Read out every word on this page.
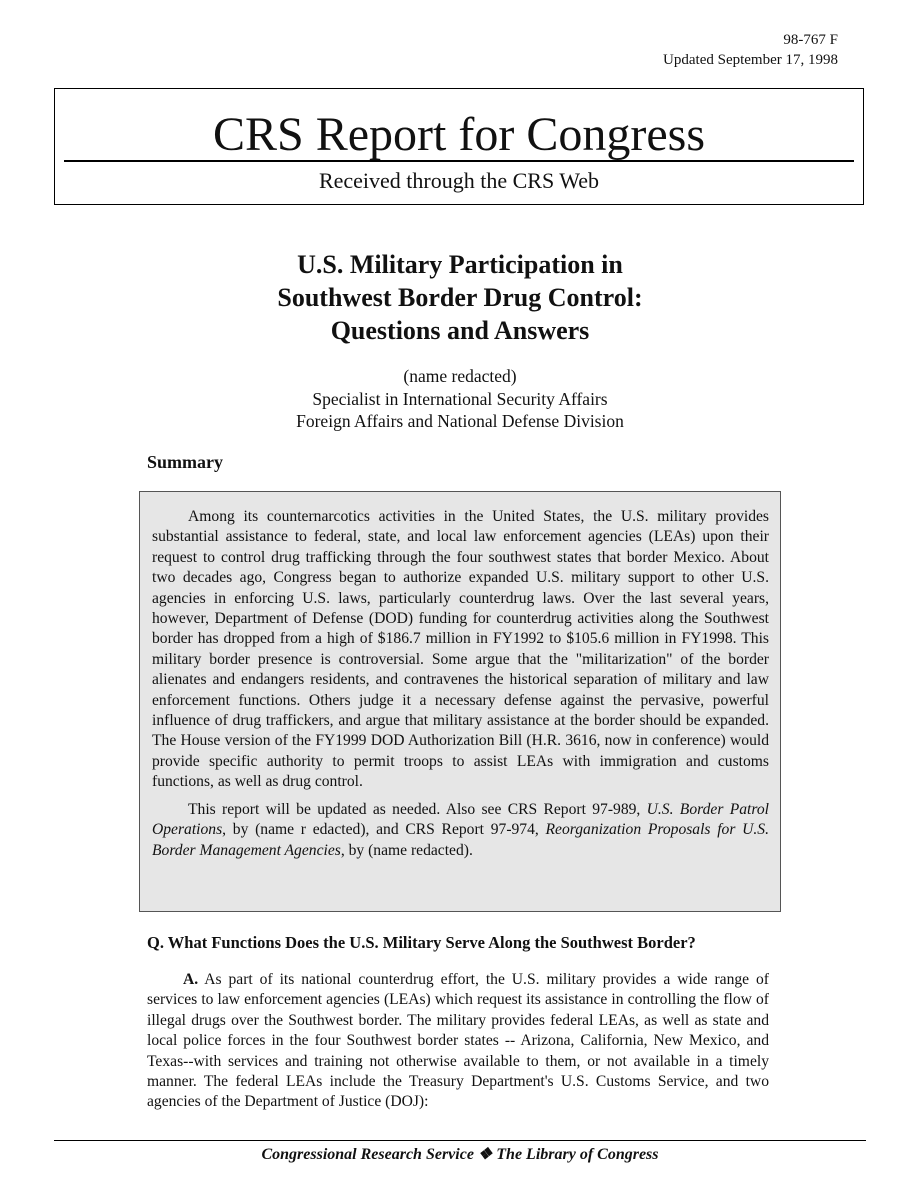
98-767 F
Updated September 17, 1998
CRS Report for Congress
Received through the CRS Web
U.S. Military Participation in
Southwest Border Drug Control:
Questions and Answers
(name redacted)
Specialist in International Security Affairs
Foreign Affairs and National Defense Division
Summary

Among its counternarcotics activities in the United States, the U.S. military provides substantial assistance to federal, state, and local law enforcement agencies (LEAs) upon their request to control drug trafficking through the four southwest states that border Mexico. About two decades ago, Congress began to authorize expanded U.S. military support to other U.S. agencies in enforcing U.S. laws, particularly counterdrug laws. Over the last several years, however, Department of Defense (DOD) funding for counterdrug activities along the Southwest border has dropped from a high of $186.7 million in FY1992 to $105.6 million in FY1998. This military border presence is controversial. Some argue that the "militarization" of the border alienates and endangers residents, and contravenes the historical separation of military and law enforcement functions. Others judge it a necessary defense against the pervasive, powerful influence of drug traffickers, and argue that military assistance at the border should be expanded. The House version of the FY1999 DOD Authorization Bill (H.R. 3616, now in conference) would provide specific authority to permit troops to assist LEAs with immigration and customs functions, as well as drug control.

This report will be updated as needed. Also see CRS Report 97-989, U.S. Border Patrol Operations, by (name r edacted), and CRS Report 97-974, Reorganization Proposals for U.S. Border Management Agencies, by (name redacted).

Q. What Functions Does the U.S. Military Serve Along the Southwest Border?
A. As part of its national counterdrug effort, the U.S. military provides a wide range of services to law enforcement agencies (LEAs) which request its assistance in controlling the flow of illegal drugs over the Southwest border. The military provides federal LEAs, as well as state and local police forces in the four Southwest border states -- Arizona, California, New Mexico, and Texas--with services and training not otherwise available to them, or not available in a timely manner. The federal LEAs include the Treasury Department's U.S. Customs Service, and two agencies of the Department of Justice (DOJ):
Congressional Research Service ❖ The Library of Congress
